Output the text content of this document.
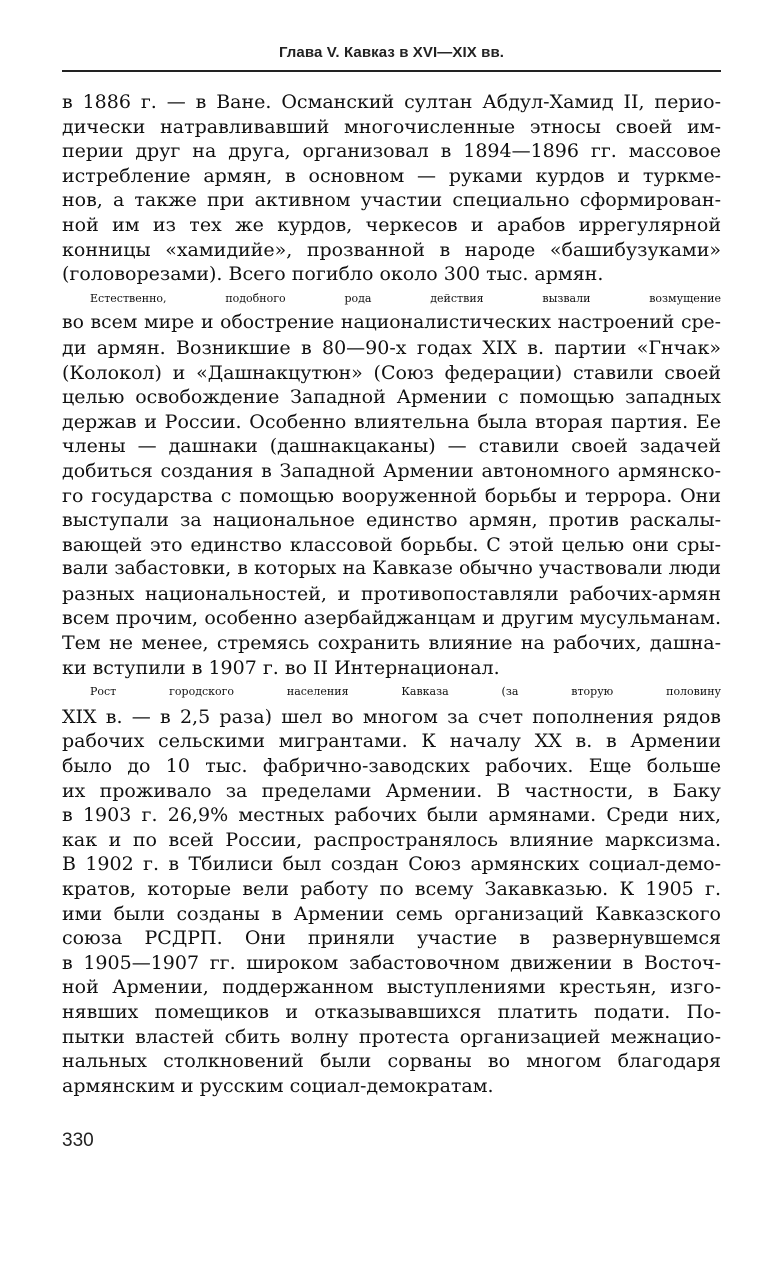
Глава V. Кавказ в XVI—XIX вв.
в 1886 г. — в Ване. Османский султан Абдул-Хамид II, перио-
дически натравливавший многочисленные этносы своей им-
перии друг на друга, организовал в 1894—1896 гг. массовое
истребление армян, в основном — руками курдов и туркме-
нов, а также при активном участии специально сформирован-
ной им из тех же курдов, черкесов и арабов иррегулярной
конницы «хамидийе», прозванной в народе «башибузуками»
(головорезами). Всего погибло около 300 тыс. армян.
Естественно, подобного рода действия вызвали возмущение
во всем мире и обострение националистических настроений сре-
ди армян. Возникшие в 80—90-х годах XIX в. партии «Гнчак»
(Колокол) и «Дашнакцутюн» (Союз федерации) ставили своей
целью освобождение Западной Армении с помощью западных
держав и России. Особенно влиятельна была вторая партия. Ее
члены — дашнаки (дашнакцаканы) — ставили своей задачей
добиться создания в Западной Армении автономного армянско-
го государства с помощью вооруженной борьбы и террора. Они
выступали за национальное единство армян, против раскалы-
вающей это единство классовой борьбы. С этой целью они сры-
вали забастовки, в которых на Кавказе обычно участвовали люди
разных национальностей, и противопоставляли рабочих-армян
всем прочим, особенно азербайджанцам и другим мусульманам.
Тем не менее, стремясь сохранить влияние на рабочих, дашна-
ки вступили в 1907 г. во II Интернационал.
Рост городского населения Кавказа (за вторую половину
XIX в. — в 2,5 раза) шел во многом за счет пополнения рядов
рабочих сельскими мигрантами. К началу XX в. в Армении
было до 10 тыс. фабрично-заводских рабочих. Еще больше
их проживало за пределами Армении. В частности, в Баку
в 1903 г. 26,9% местных рабочих были армянами. Среди них,
как и по всей России, распространялось влияние марксизма.
В 1902 г. в Тбилиси был создан Союз армянских социал-демо-
кратов, которые вели работу по всему Закавказью. К 1905 г.
ими были созданы в Армении семь организаций Кавказского
союза РСДРП. Они приняли участие в развернувшемся
в 1905—1907 гг. широком забастовочном движении в Восточ-
ной Армении, поддержанном выступлениями крестьян, изго-
нявших помещиков и отказывавшихся платить подати. По-
пытки властей сбить волну протеста организацией межнацио-
нальных столкновений были сорваны во многом благодаря
армянским и русским социал-демократам.
330
